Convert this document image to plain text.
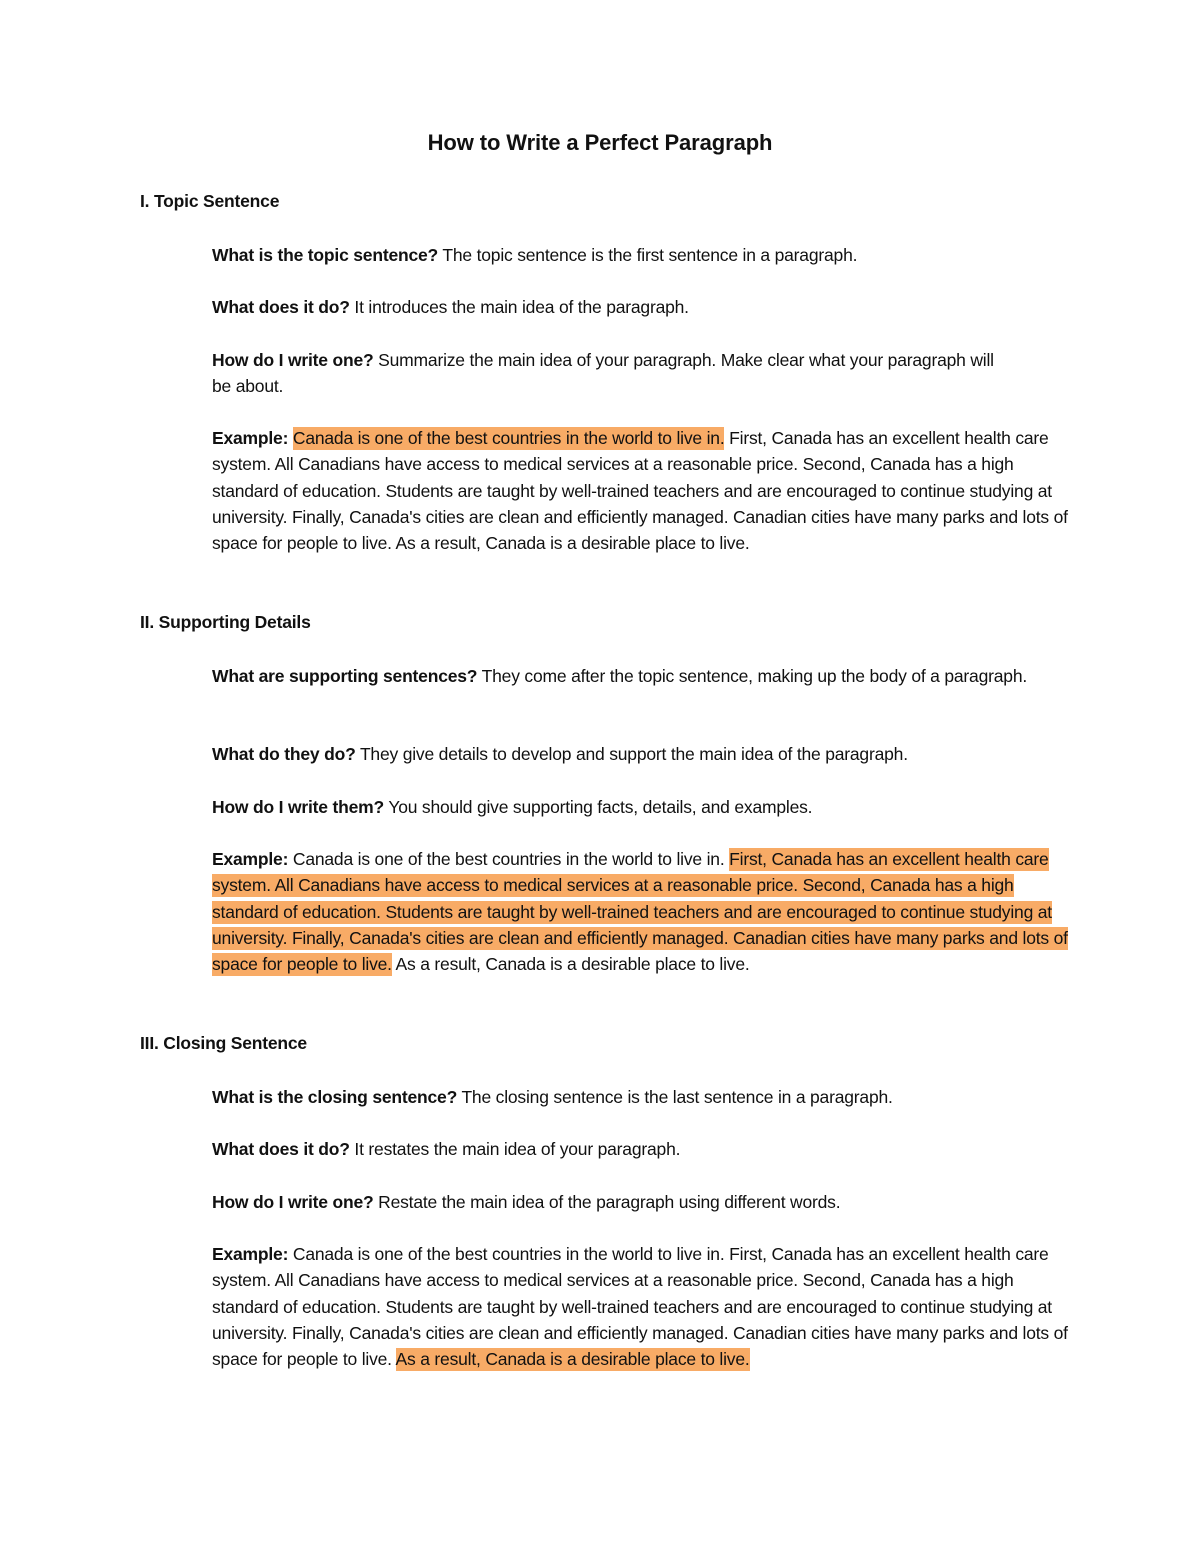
How to Write a Perfect Paragraph
I. Topic Sentence

What is the topic sentence? The topic sentence is the first sentence in a paragraph.

What does it do? It introduces the main idea of the paragraph.

How do I write one? Summarize the main idea of your paragraph. Make clear what your paragraph will be about.

Example: Canada is one of the best countries in the world to live in. First, Canada has an excellent health care system. All Canadians have access to medical services at a reasonable price. Second, Canada has a high standard of education. Students are taught by well-trained teachers and are encouraged to continue studying at university. Finally, Canada's cities are clean and efficiently managed. Canadian cities have many parks and lots of space for people to live. As a result, Canada is a desirable place to live.

II. Supporting Details

What are supporting sentences? They come after the topic sentence, making up the body of a paragraph.

What do they do? They give details to develop and support the main idea of the paragraph.

How do I write them? You should give supporting facts, details, and examples.

Example: Canada is one of the best countries in the world to live in. First, Canada has an excellent health care system. All Canadians have access to medical services at a reasonable price. Second, Canada has a high standard of education. Students are taught by well-trained teachers and are encouraged to continue studying at university. Finally, Canada's cities are clean and efficiently managed. Canadian cities have many parks and lots of space for people to live. As a result, Canada is a desirable place to live.

III. Closing Sentence

What is the closing sentence? The closing sentence is the last sentence in a paragraph.

What does it do? It restates the main idea of your paragraph.

How do I write one? Restate the main idea of the paragraph using different words.

Example: Canada is one of the best countries in the world to live in. First, Canada has an excellent health care system. All Canadians have access to medical services at a reasonable price. Second, Canada has a high standard of education. Students are taught by well-trained teachers and are encouraged to continue studying at university. Finally, Canada's cities are clean and efficiently managed. Canadian cities have many parks and lots of space for people to live. As a result, Canada is a desirable place to live.
